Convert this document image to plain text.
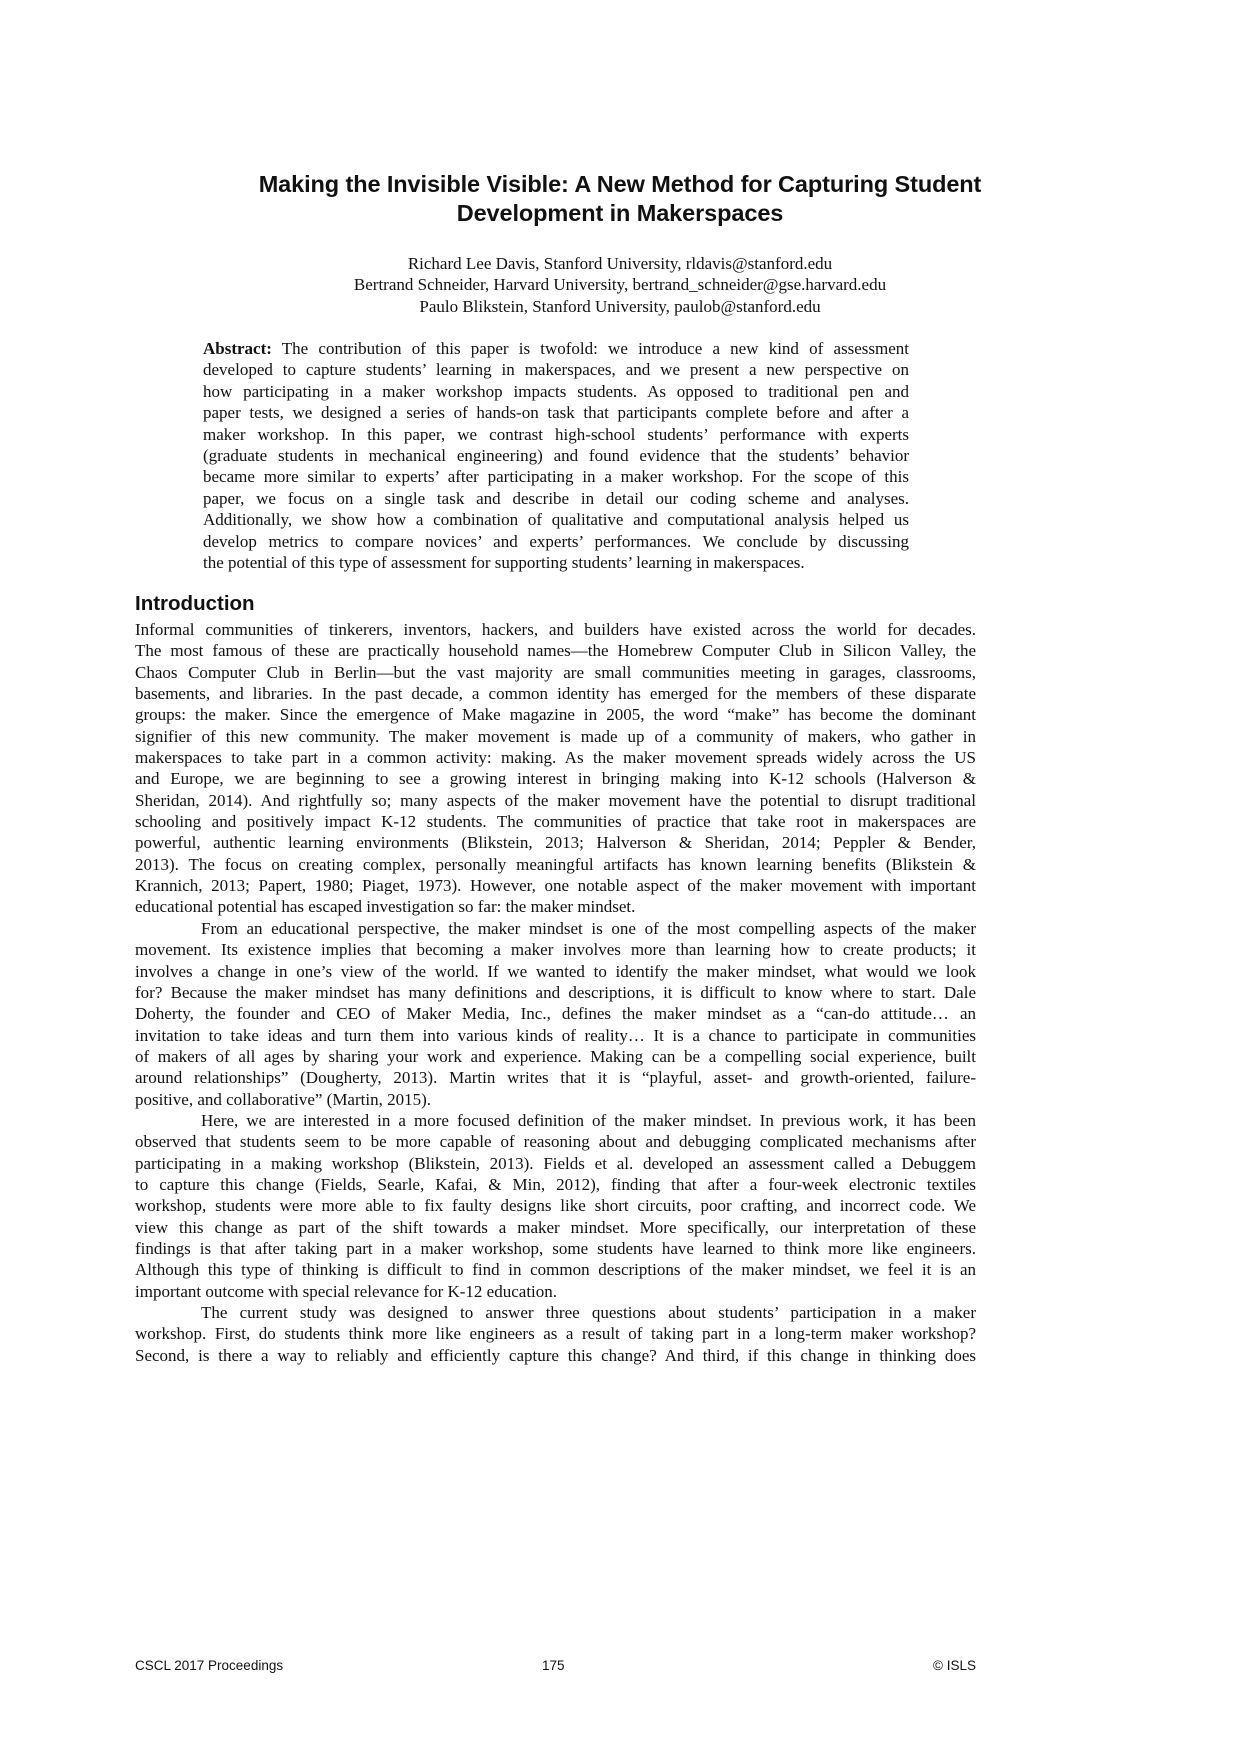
Making the Invisible Visible: A New Method for Capturing Student
Development in Makerspaces
Richard Lee Davis, Stanford University, rldavis@stanford.edu
Bertrand Schneider, Harvard University, bertrand_schneider@gse.harvard.edu
Paulo Blikstein, Stanford University, paulob@stanford.edu
Abstract: The contribution of this paper is twofold: we introduce a new kind of assessment
developed to capture students’ learning in makerspaces, and we present a new perspective on
how participating in a maker workshop impacts students. As opposed to traditional pen and
paper tests, we designed a series of hands-on task that participants complete before and after a
maker workshop. In this paper, we contrast high-school students’ performance with experts
(graduate students in mechanical engineering) and found evidence that the students’ behavior
became more similar to experts’ after participating in a maker workshop. For the scope of this
paper, we focus on a single task and describe in detail our coding scheme and analyses.
Additionally, we show how a combination of qualitative and computational analysis helped us
develop metrics to compare novices’ and experts’ performances. We conclude by discussing
the potential of this type of assessment for supporting students’ learning in makerspaces.
Introduction

Informal communities of tinkerers, inventors, hackers, and builders have existed across the world for decades.
The most famous of these are practically household names—the Homebrew Computer Club in Silicon Valley, the
Chaos Computer Club in Berlin—but the vast majority are small communities meeting in garages, classrooms,
basements, and libraries. In the past decade, a common identity has emerged for the members of these disparate
groups: the maker. Since the emergence of Make magazine in 2005, the word “make” has become the dominant
signifier of this new community. The maker movement is made up of a community of makers, who gather in
makerspaces to take part in a common activity: making. As the maker movement spreads widely across the US
and Europe, we are beginning to see a growing interest in bringing making into K-12 schools (Halverson &
Sheridan, 2014). And rightfully so; many aspects of the maker movement have the potential to disrupt traditional
schooling and positively impact K-12 students. The communities of practice that take root in makerspaces are
powerful, authentic learning environments (Blikstein, 2013; Halverson & Sheridan, 2014; Peppler & Bender,
2013). The focus on creating complex, personally meaningful artifacts has known learning benefits (Blikstein &
Krannich, 2013; Papert, 1980; Piaget, 1973). However, one notable aspect of the maker movement with important
educational potential has escaped investigation so far: the maker mindset.

From an educational perspective, the maker mindset is one of the most compelling aspects of the maker
movement. Its existence implies that becoming a maker involves more than learning how to create products; it
involves a change in one’s view of the world. If we wanted to identify the maker mindset, what would we look
for? Because the maker mindset has many definitions and descriptions, it is difficult to know where to start. Dale
Doherty, the founder and CEO of Maker Media, Inc., defines the maker mindset as a “can-do attitude… an
invitation to take ideas and turn them into various kinds of reality… It is a chance to participate in communities
of makers of all ages by sharing your work and experience. Making can be a compelling social experience, built
around relationships” (Dougherty, 2013). Martin writes that it is “playful, asset- and growth-oriented, failure-
positive, and collaborative” (Martin, 2015).

Here, we are interested in a more focused definition of the maker mindset. In previous work, it has been
observed that students seem to be more capable of reasoning about and debugging complicated mechanisms after
participating in a making workshop (Blikstein, 2013). Fields et al. developed an assessment called a Debuggem
to capture this change (Fields, Searle, Kafai, & Min, 2012), finding that after a four-week electronic textiles
workshop, students were more able to fix faulty designs like short circuits, poor crafting, and incorrect code. We
view this change as part of the shift towards a maker mindset. More specifically, our interpretation of these
findings is that after taking part in a maker workshop, some students have learned to think more like engineers.
Although this type of thinking is difficult to find in common descriptions of the maker mindset, we feel it is an
important outcome with special relevance for K-12 education.

The current study was designed to answer three questions about students’ participation in a maker
workshop. First, do students think more like engineers as a result of taking part in a long-term maker workshop?
Second, is there a way to reliably and efficiently capture this change? And third, if this change in thinking does

CSCL 2017 Proceedings	175	© ISLS
